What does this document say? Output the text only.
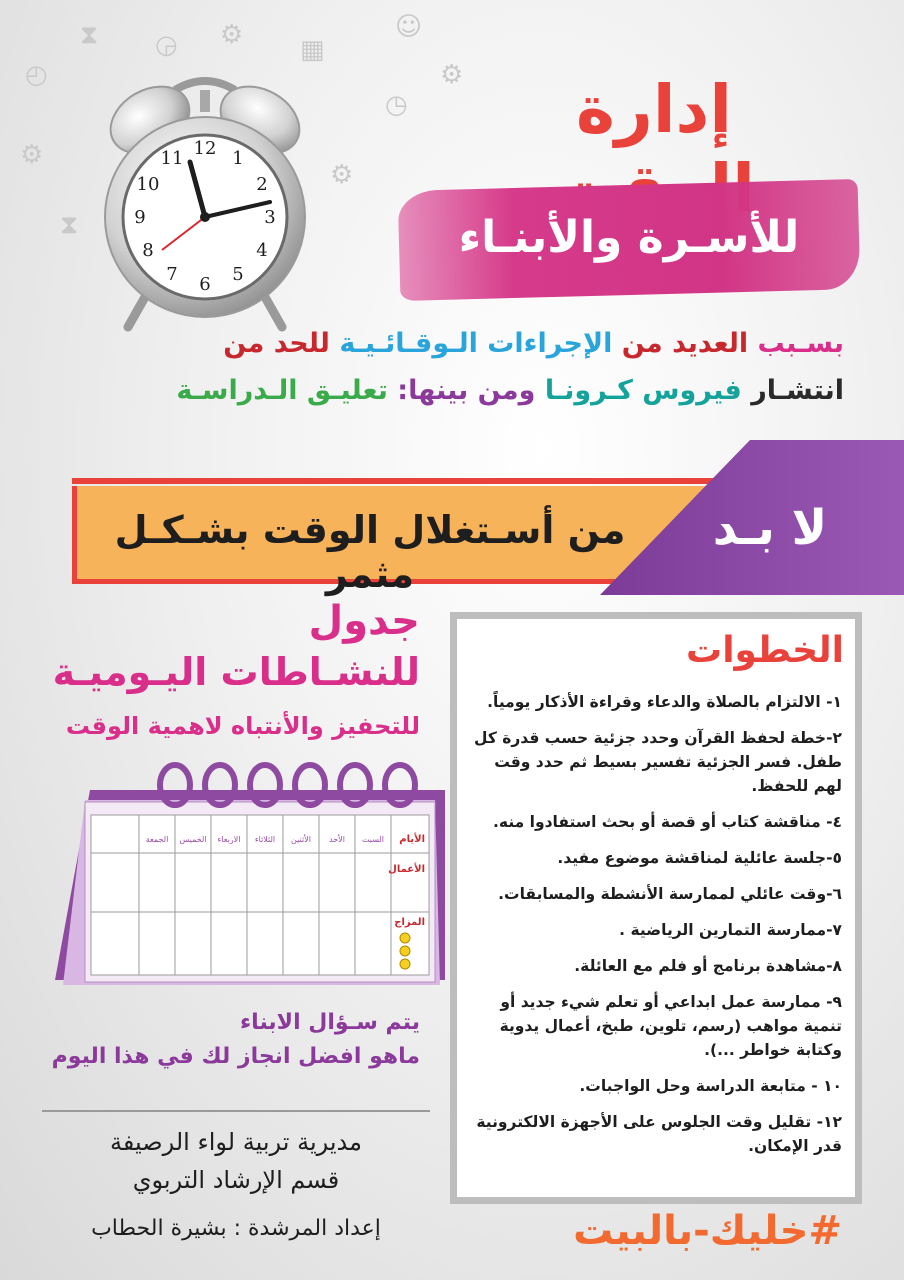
⚙
⚙
⧗
◷
☺
⚙
◴
⧗
⚙ ▦
◶
12 1
2
3
4
5
6
7
8
9
10
11
إدارة
للأسـرة والأبنـاء
بسـبب العديد من الإجراءات الـوقـائـيـة للحد من
انتشـار فيروس كـرونـا ومن بينها: تعليـق الـدراسـة
من أسـتغلال الوقت بشـكـل مثمر
لا بـد
جدول
للنشـاطات اليـوميـة
للتحفيز والأنتباه لاهمية الوقت
الأيام
السبت
الأحد
الأثنين
الثلاثاء
الاربعاء
الخميس
الجمعة
الأعمال
المزاج
يتم سـؤال الابناء
ماهو افضل انجاز لك في هذا اليوم
مديرية تربية لواء الرصيفة
قسم الإرشاد التربوي
إعداد المرشدة : بشيرة الحطاب
الخطوات
١- الالتزام بالصلاة والدعاء وقراءة الأذكار يومياً.
٢-خطة لحفظ القرآن وحدد جزئية حسب قدرة كل طفل. فسر الجزئية تفسير بسيط ثم حدد وقت لهم للحفظ.
٤- مناقشة كتاب أو قصة أو بحث استفادوا منه.
٥-جلسة عائلية لمناقشة موضوع مفيد.
٦-وقت عائلي لممارسة الأنشطة والمسابقات.
٧-ممارسة التمارين الرياضية .
٨-مشاهدة برنامج أو فلم مع العائلة.
٩- ممارسة عمل ابداعي أو تعلم شيء جديد أو تنمية مواهب (رسم، تلوين، طبخ، أعمال يدوية وكتابة خواطر ...).
١٠ - متابعة الدراسة وحل الواجبات.
١٢- تقليل وقت الجلوس على الأجهزة الالكترونية قدر الإمكان.
#خليك-بالبيت
